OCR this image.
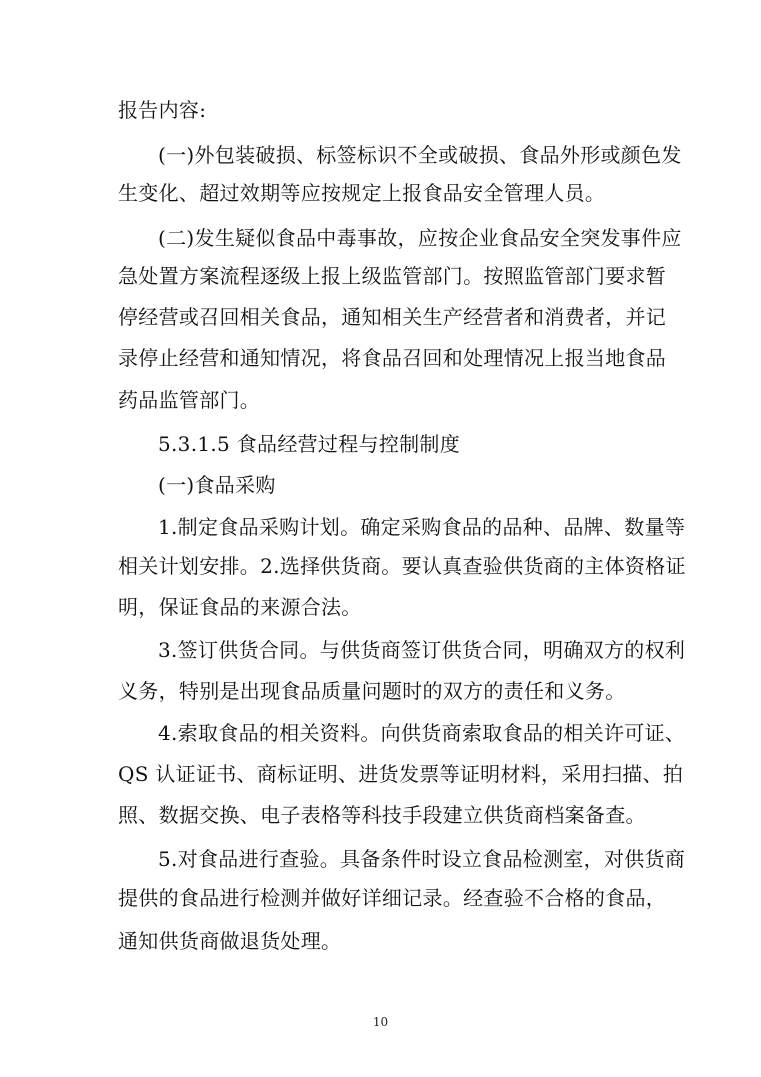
报告内容:
(一)外包装破损、标签标识不全或破损、食品外形或颜色发
生变化、超过效期等应按规定上报食品安全管理人员。
(二)发生疑似食品中毒事故，应按企业食品安全突发事件应
急处置方案流程逐级上报上级监管部门。按照监管部门要求暂
停经营或召回相关食品，通知相关生产经营者和消费者，并记
录停止经营和通知情况，将食品召回和处理情况上报当地食品
药品监管部门。
5.3.1.5 食品经营过程与控制制度
(一)食品采购
1.制定食品采购计划。确定采购食品的品种、品牌、数量等
相关计划安排。2.选择供货商。要认真查验供货商的主体资格证
明，保证食品的来源合法。
3.签订供货合同。与供货商签订供货合同，明确双方的权利
义务，特别是出现食品质量问题时的双方的责任和义务。
4.索取食品的相关资料。向供货商索取食品的相关许可证、
QS 认证证书、商标证明、进货发票等证明材料，采用扫描、拍
照、数据交换、电子表格等科技手段建立供货商档案备查。
5.对食品进行查验。具备条件时设立食品检测室，对供货商
提供的食品进行检测并做好详细记录。经查验不合格的食品，
通知供货商做退货处理。
10
